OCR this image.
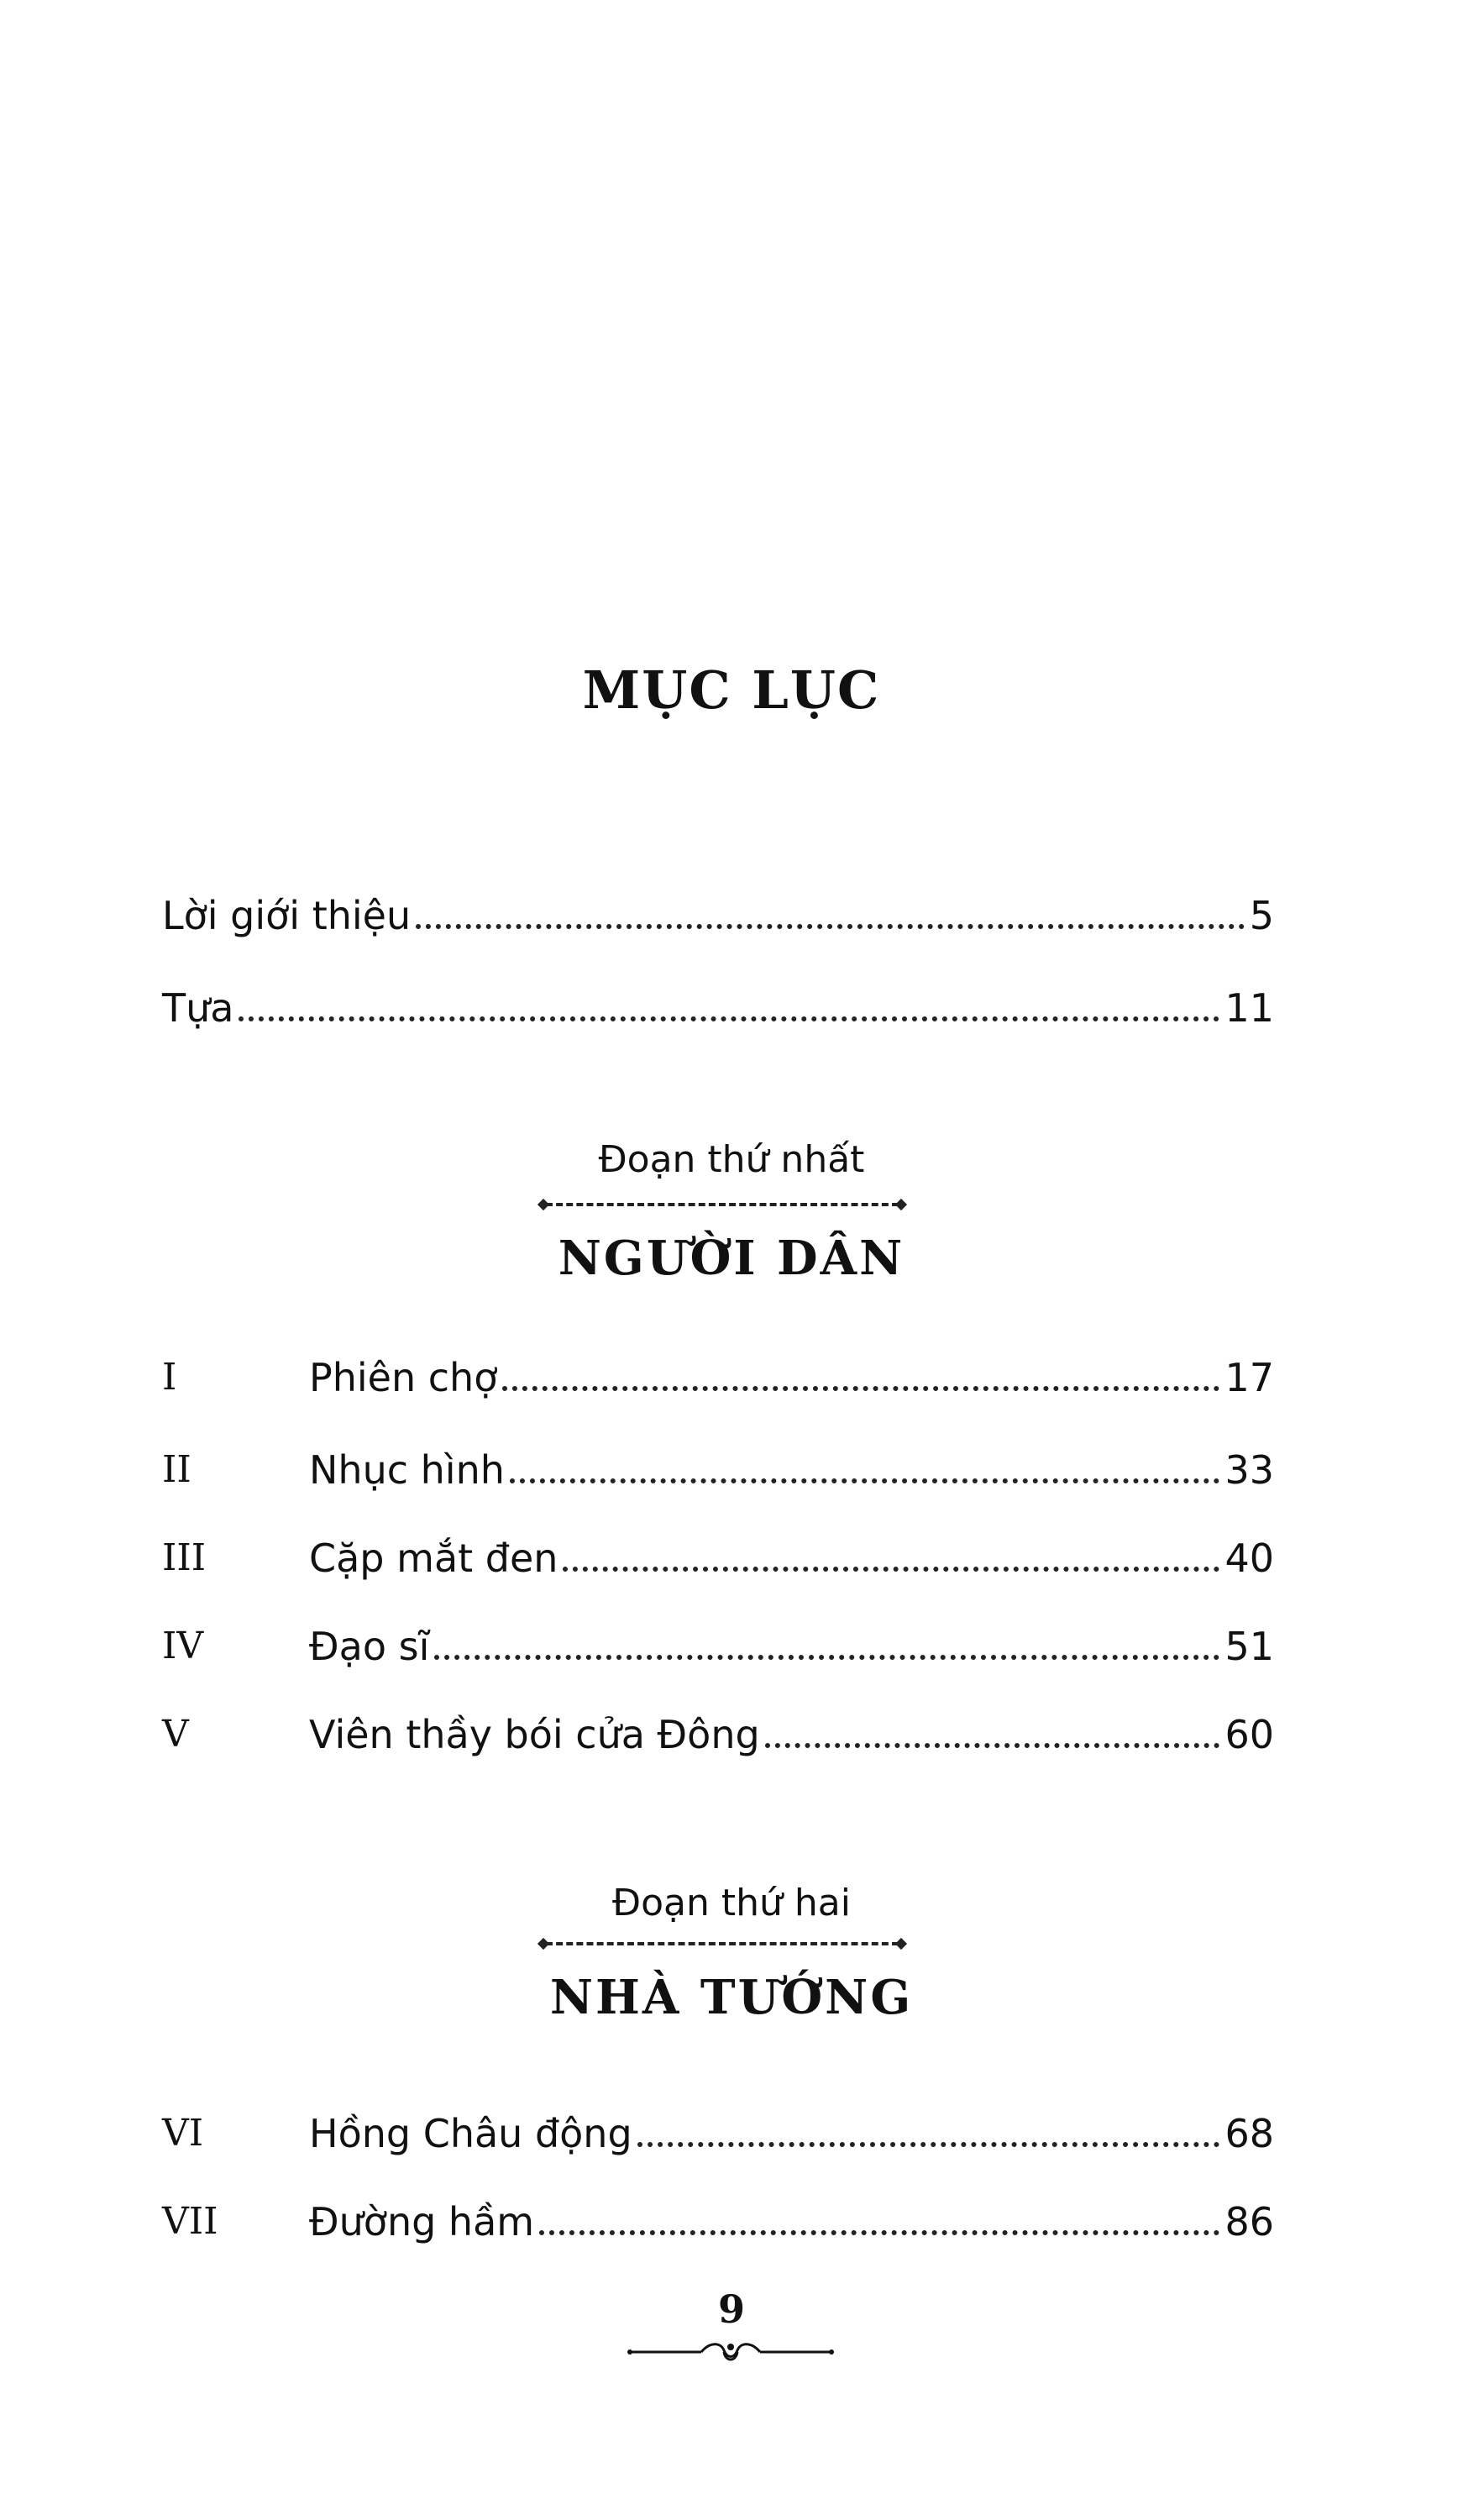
MỤC LỤC
Lời giới thiệu	5
Tựa	11

Đoạn thứ nhất

NGƯỜI DÂN
I	Phiên chợ	17
II	Nhục hình	33
III	Cặp mắt đen	40
IV	Đạo sĩ	51
V	Viên thầy bói cửa Đông	60

Đoạn thứ hai

NHÀ TƯỚNG
VI	Hồng Châu động	68
VII	Đường hầm	86

9
